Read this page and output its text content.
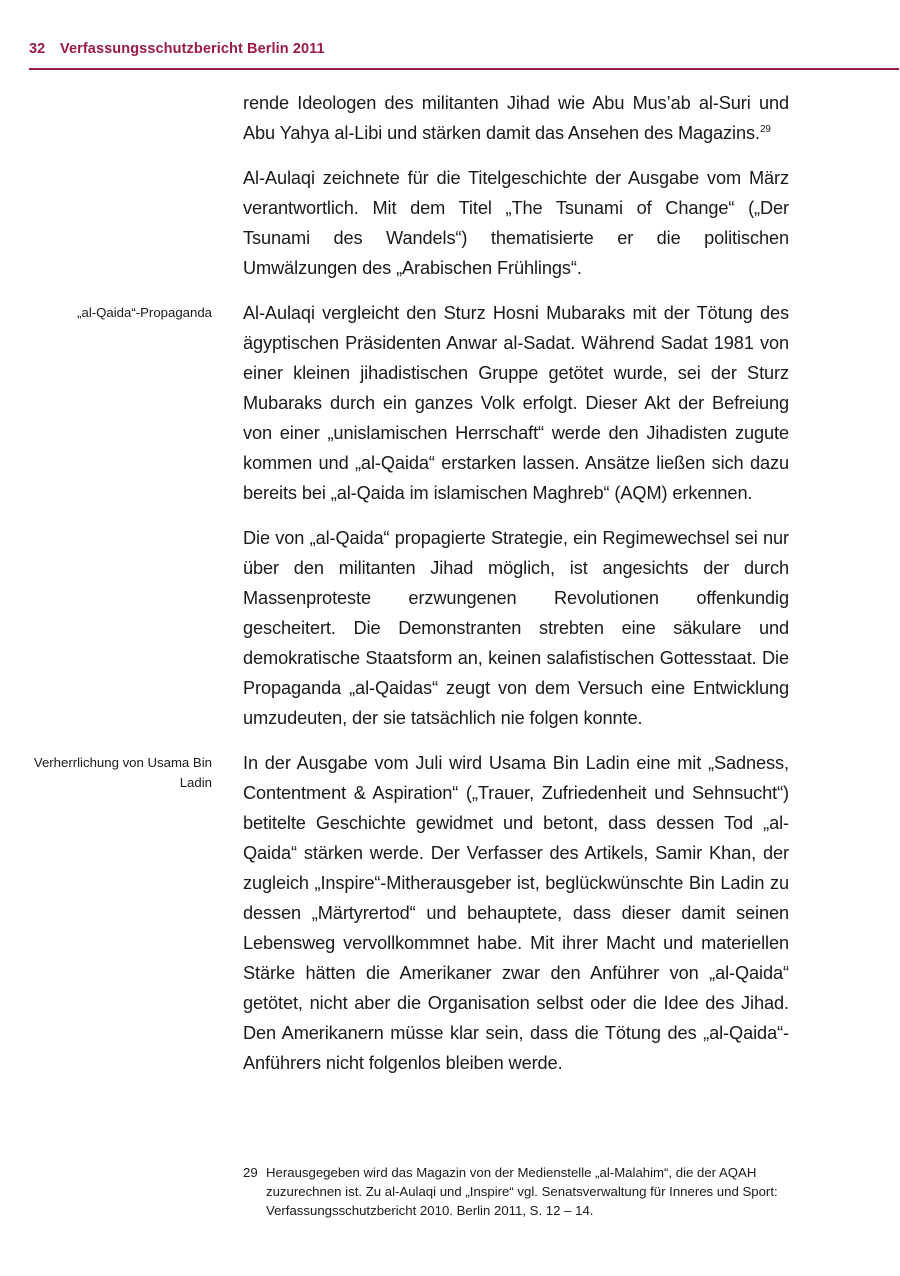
32 Verfassungsschutzbericht Berlin 2011
„al-Qaida“-Propaganda
Verherrlichung von Usama Bin Ladin

rende Ideologen des militanten Jihad wie Abu Mus’ab al-Suri und Abu Yahya al-Libi und stärken damit das Ansehen des Magazins.$^{29}$

Al-Aulaqi zeichnete für die Titelgeschichte der Ausgabe vom März verantwortlich. Mit dem Titel „The Tsunami of Change“ („Der Tsunami des Wandels“) thematisierte er die politischen Umwälzungen des „Arabischen Frühlings“.

Al-Aulaqi vergleicht den Sturz Hosni Mubaraks mit der Tötung des ägyptischen Präsidenten Anwar al-Sadat. Während Sadat 1981 von einer kleinen jihadistischen Gruppe getötet wurde, sei der Sturz Mubaraks durch ein ganzes Volk erfolgt. Dieser Akt der Befreiung von einer „unislamischen Herrschaft“ werde den Jihadisten zugute kommen und „al-Qaida“ erstarken lassen. Ansätze ließen sich dazu bereits bei „al-Qaida im islamischen Maghreb“ (AQM) erkennen.

Die von „al-Qaida“ propagierte Strategie, ein Regimewechsel sei nur über den militanten Jihad möglich, ist angesichts der durch Massenproteste erzwungenen Revolutionen offenkundig gescheitert. Die Demonstranten strebten eine säkulare und demokratische Staatsform an, keinen salafistischen Gottesstaat. Die Propaganda „al-Qaidas“ zeugt von dem Versuch eine Entwicklung umzudeuten, der sie tatsächlich nie folgen konnte.

In der Ausgabe vom Juli wird Usama Bin Ladin eine mit „Sadness, Contentment & Aspiration“ („Trauer, Zufriedenheit und Sehnsucht“) betitelte Geschichte gewidmet und betont, dass dessen Tod „al-Qaida“ stärken werde. Der Verfasser des Artikels, Samir Khan, der zugleich „Inspire“-Mitherausgeber ist, beglückwünschte Bin Ladin zu dessen „Märtyrertod“ und behauptete, dass dieser damit seinen Lebensweg vervollkommnet habe. Mit ihrer Macht und materiellen Stärke hätten die Amerikaner zwar den Anführer von „al-Qaida“ getötet, nicht aber die Organisation selbst oder die Idee des Jihad. Den Amerikanern müsse klar sein, dass die Tötung des „al-Qaida“-Anführers nicht folgenlos bleiben werde.

29 Herausgegeben wird das Magazin von der Medienstelle „al-Malahim“, die der AQAH zuzurechnen ist. Zu al-Aulaqi und „Inspire“ vgl. Senatsverwaltung für Inneres und Sport: Verfassungsschutzbericht 2010. Berlin 2011, S. 12 – 14.
